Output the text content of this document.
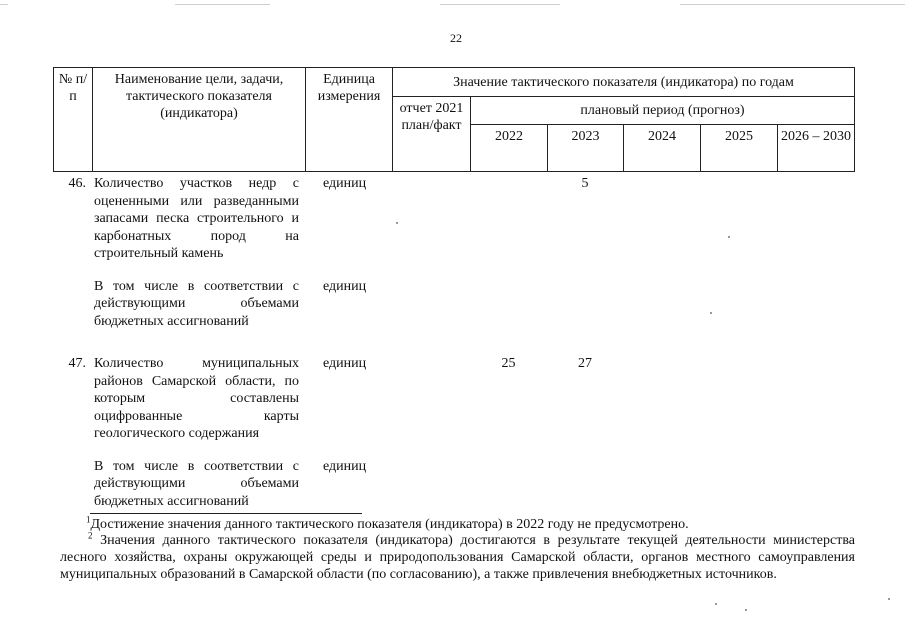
22
№ п/п	Наименование цели, задачи, тактического показателя (индикатора)	Единица измерения	Значение тактического показателя (индикатора) по годам					
			отчет 2021 план/факт	плановый период (прогноз)				
				2022	2023	2024	2025	2026 – 2030
46.	Количество участков недр с оцененными или разведанными запасами песка строительного и карбонатных пород на строительный камень	единиц			5			

	В том числе в соответствии с действующими объемами бюджетных ассигнований	единиц						

47.	Количество муниципальных районов Самарской области, по которым составлены оцифрованные карты геологического содержания	единиц		25	27			

	В том числе в соответствии с действующими объемами бюджетных ассигнований	единиц						
$^1$Достижение значения данного тактического показателя (индикатора) в 2022 году не предусмотрено.
$^2$ Значения данного тактического показателя (индикатора) достигаются в результате текущей деятельности министерства лесного хозяйства, охраны окружающей среды и природопользования Самарской области, органов местного самоуправления муниципальных образований в Самарской области (по согласованию), а также привлечения внебюджетных источников.
